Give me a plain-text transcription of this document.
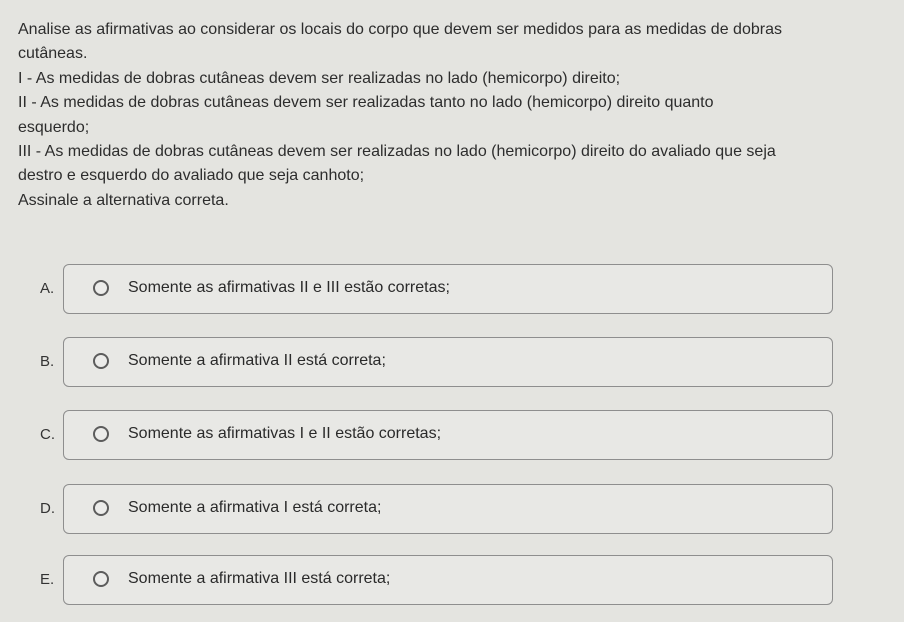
Analise as afirmativas ao considerar os locais do corpo que devem ser medidos para as medidas de dobras

cutâneas.

I - As medidas de dobras cutâneas devem ser realizadas no lado (hemicorpo) direito;

II - As medidas de dobras cutâneas devem ser realizadas tanto no lado (hemicorpo) direito quanto

esquerdo;

III - As medidas de dobras cutâneas devem ser realizadas no lado (hemicorpo) direito do avaliado que seja

destro e esquerdo do avaliado que seja canhoto;

Assinale a alternativa correta.

A.	Somente as afirmativas II e III estão corretas;
B.	Somente a afirmativa II está correta;
C.	Somente as afirmativas I e II estão corretas;
D.	Somente a afirmativa I está correta;
E.	Somente a afirmativa III está correta;
